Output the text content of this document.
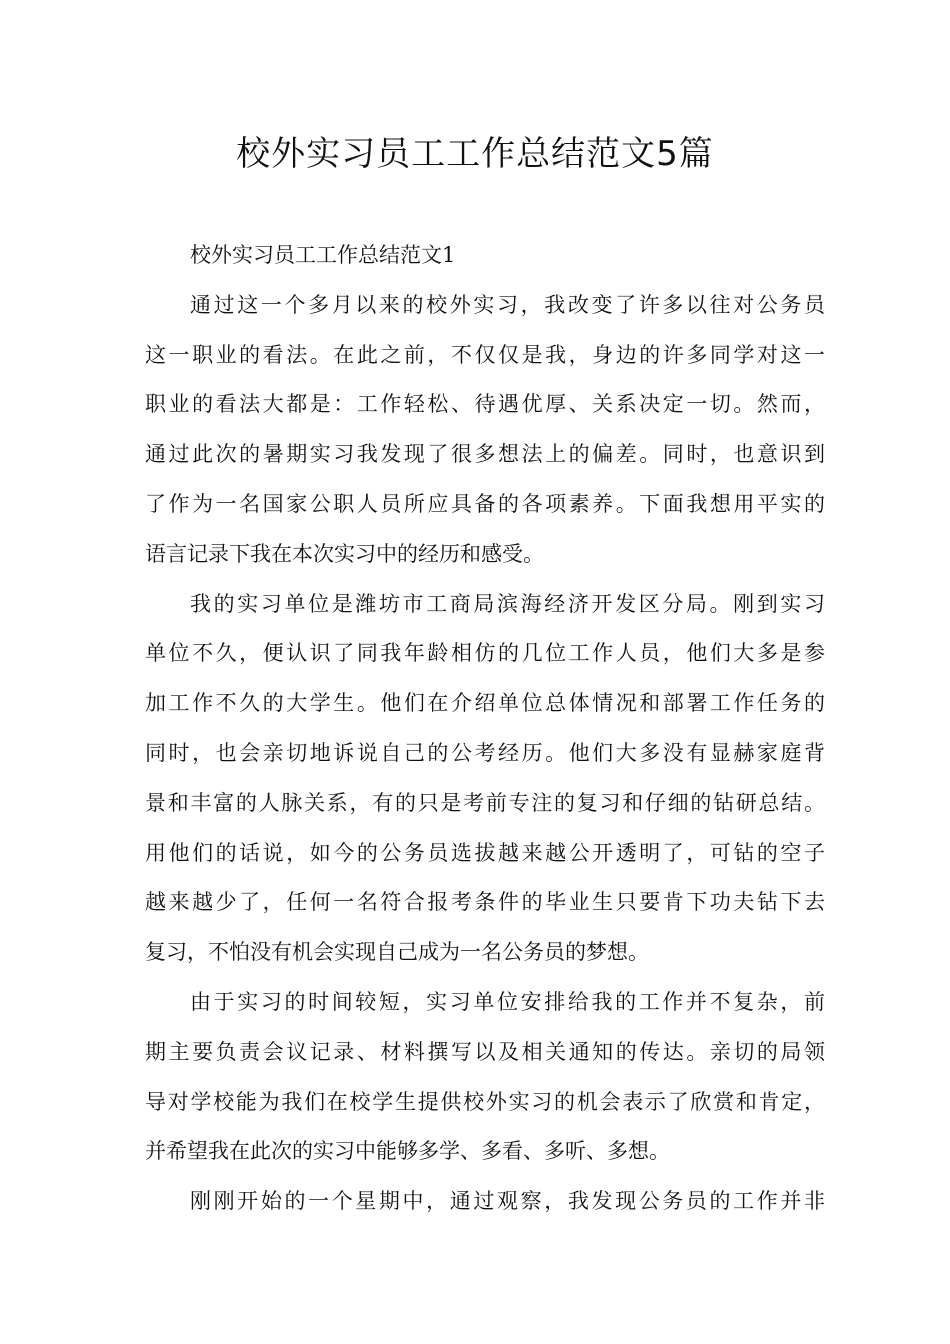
校外实习员工工作总结范文5篇
校外实习员工工作总结范文1
通过这一个多月以来的校外实习，我改变了许多以往对公务员
这一职业的看法。在此之前，不仅仅是我，身边的许多同学对这一
职业的看法大都是：工作轻松、待遇优厚、关系决定一切。然而，
通过此次的暑期实习我发现了很多想法上的偏差。同时，也意识到
了作为一名国家公职人员所应具备的各项素养。下面我想用平实的
语言记录下我在本次实习中的经历和感受。
我的实习单位是潍坊市工商局滨海经济开发区分局。刚到实习
单位不久，便认识了同我年龄相仿的几位工作人员，他们大多是参
加工作不久的大学生。他们在介绍单位总体情况和部署工作任务的
同时，也会亲切地诉说自己的公考经历。他们大多没有显赫家庭背
景和丰富的人脉关系，有的只是考前专注的复习和仔细的钻研总结。
用他们的话说，如今的公务员选拔越来越公开透明了，可钻的空子
越来越少了，任何一名符合报考条件的毕业生只要肯下功夫钻下去
复习，不怕没有机会实现自己成为一名公务员的梦想。
由于实习的时间较短，实习单位安排给我的工作并不复杂，前
期主要负责会议记录、材料撰写以及相关通知的传达。亲切的局领
导对学校能为我们在校学生提供校外实习的机会表示了欣赏和肯定，
并希望我在此次的实习中能够多学、多看、多听、多想。
刚刚开始的一个星期中，通过观察，我发现公务员的工作并非
